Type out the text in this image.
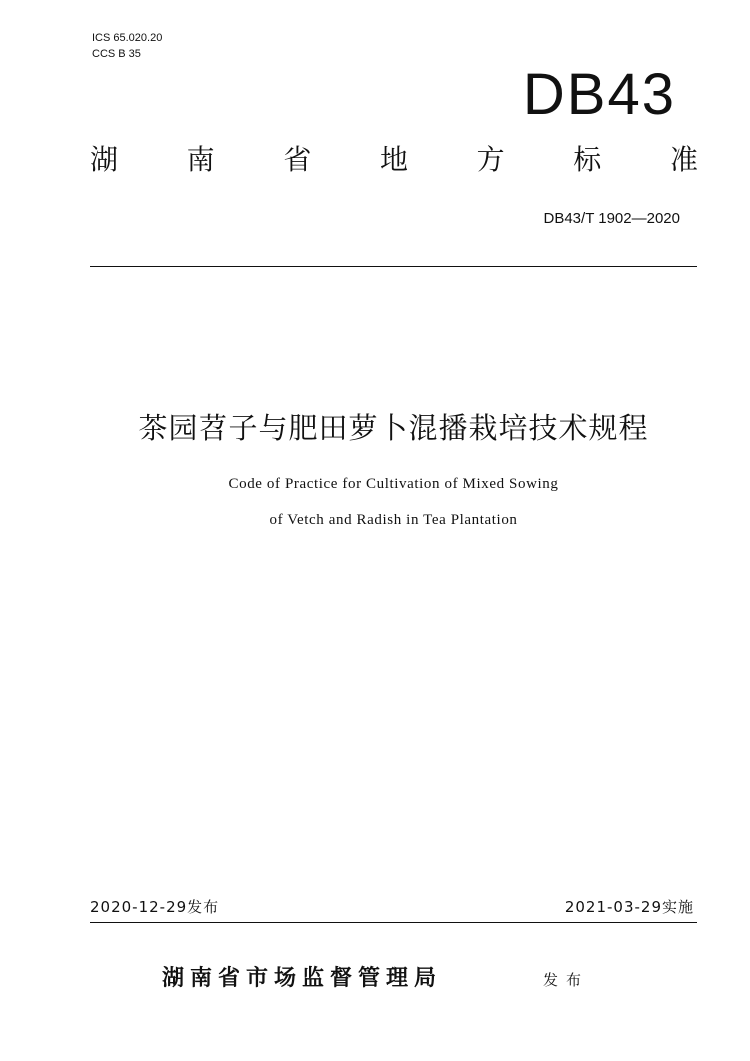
ICS 65.020.20
CCS B 35
DB43
湖 南 省 地 方 标 准
DB43/T 1902—2020
茶园苕子与肥田萝卜混播栽培技术规程
Code of Practice for Cultivation of Mixed Sowing
of Vetch and Radish in Tea Plantation
2020-12-29发布	2021-03-29实施
湖南省市场监督管理局	发布
